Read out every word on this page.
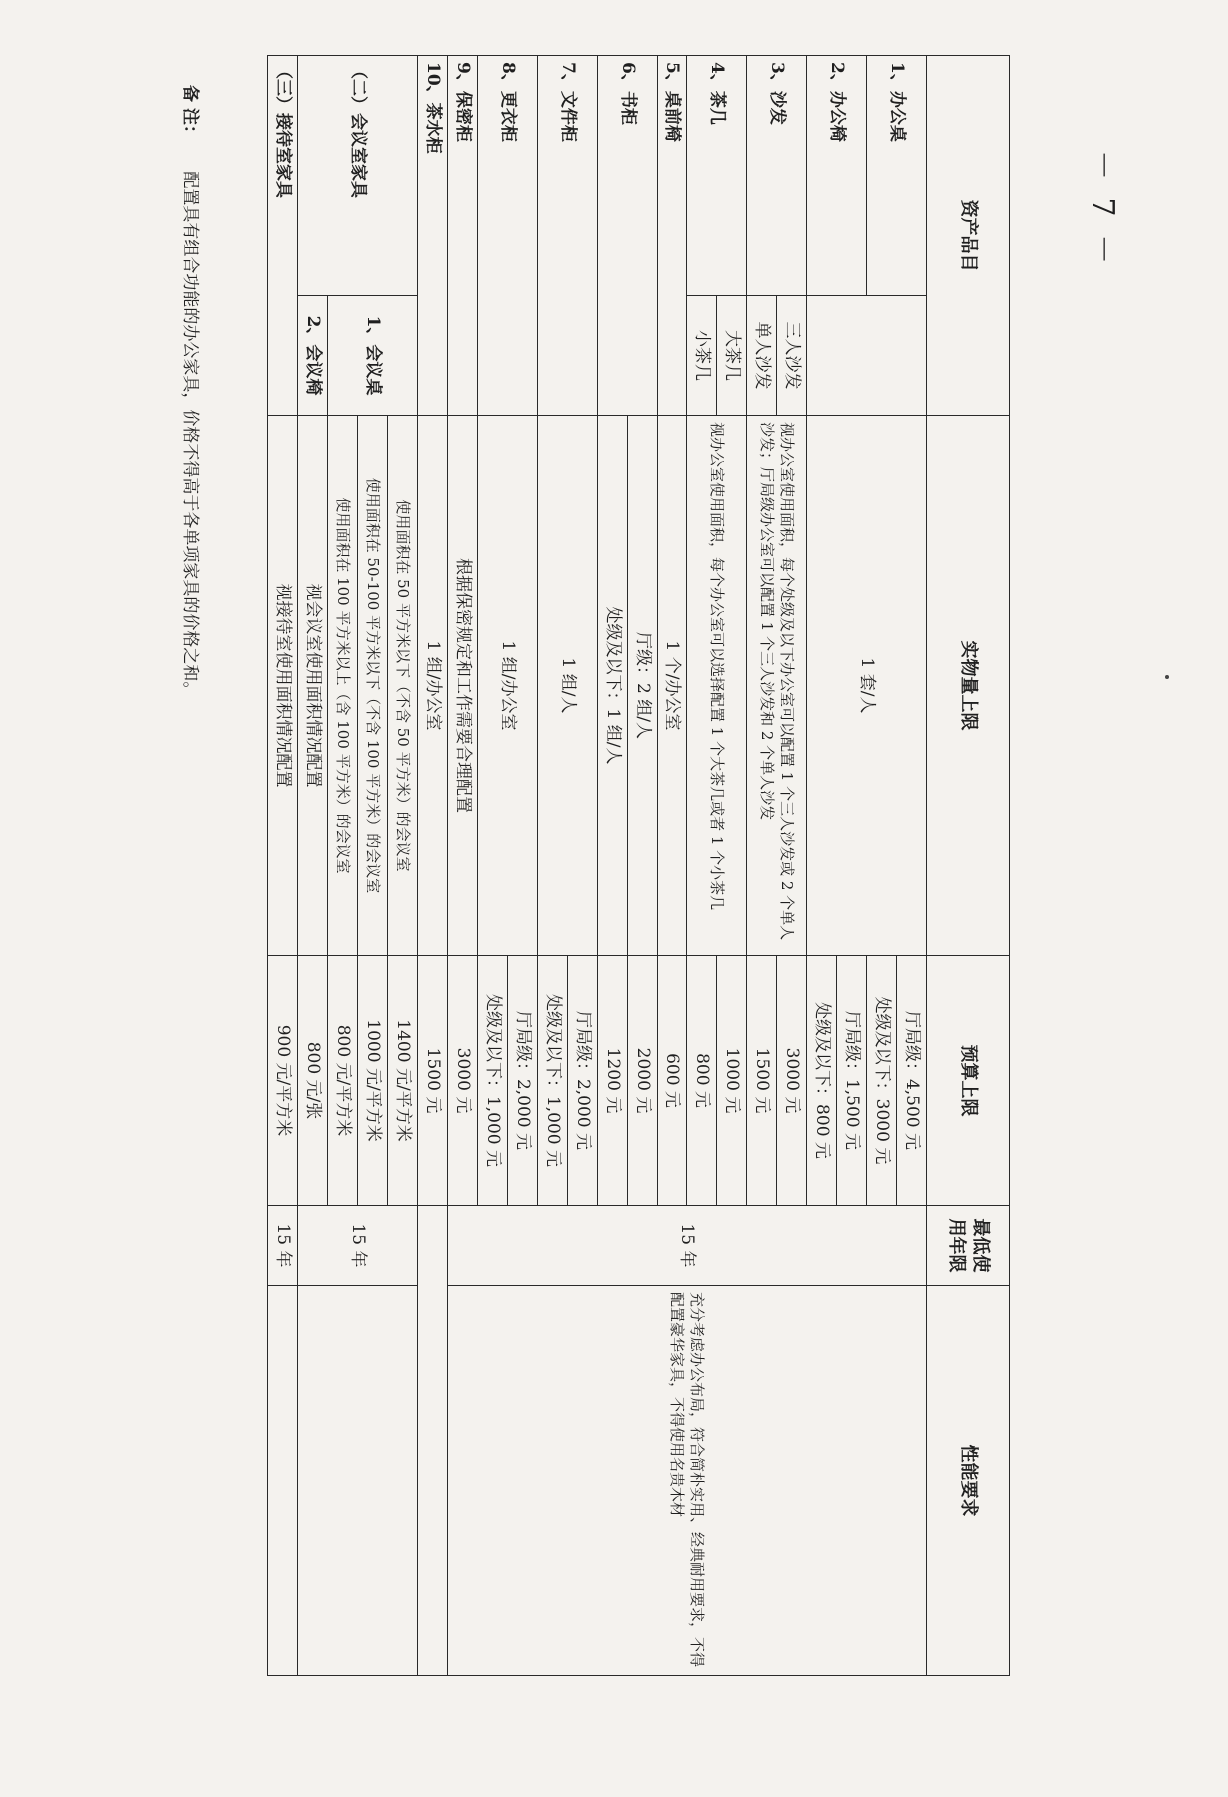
资产品目		实物量上限	预算上限	最低使用年限	性能要求
1、办公桌		1 套/人	厅局级：4,500 元	15 年	充分考虑办公布局，符合简朴实用、经典耐用要求，不得配置豪华家具，不得使用名贵木材
			处级及以下：3000 元		
2、办公椅			厅局级：1,500 元		
			处级及以下：800 元		
3、沙发	三人沙发	视办公室使用面积，每个处级及以下办公室可以配置 1 个三人沙发或 2 个单人沙发；厅局级办公室可以配置 1 个三人沙发和 2 个单人沙发	3000 元		
	单人沙发		1500 元		
4、茶几	大茶几	视办公室使用面积，每个办公室可以选择配置 1 个大茶几或者 1 个小茶几	1000 元		
	小茶几		800 元		
5、桌前椅		1 个/办公室	600 元		
6、书柜		厅级：2 组/人	2000 元		
		处级及以下：1 组/人	1200 元		
7、文件柜		1 组/人	厅局级：2,000 元		
			处级及以下：1,000 元		
8、更衣柜		1 组/办公室	厅局级：2,000 元		
			处级及以下：1,000 元		
9、保密柜		根据保密规定和工作需要合理配置	3000 元		
10、茶水柜		1 组/办公室	1500 元		
（二）会议室家具	1、会议桌	使用面积在 50 平方米以下（不含 50 平方米）的会议室	1400 元/平方米	15 年	
		使用面积在 50-100 平方米以下（不含 100 平方米）的会议室	1000 元/平方米		
		使用面积在 100 平方米以上（含 100 平方米）的会议室	800 元/平方米		
	2、会议椅	视会议室使用面积情况配置	800 元/张		
（三）接待室家具		视接待室使用面积情况配置	900 元/平方米	15 年	
备 注： 配置具有组合功能的办公家具，价格不得高于各单项家具的价格之和。	－ 7 －
